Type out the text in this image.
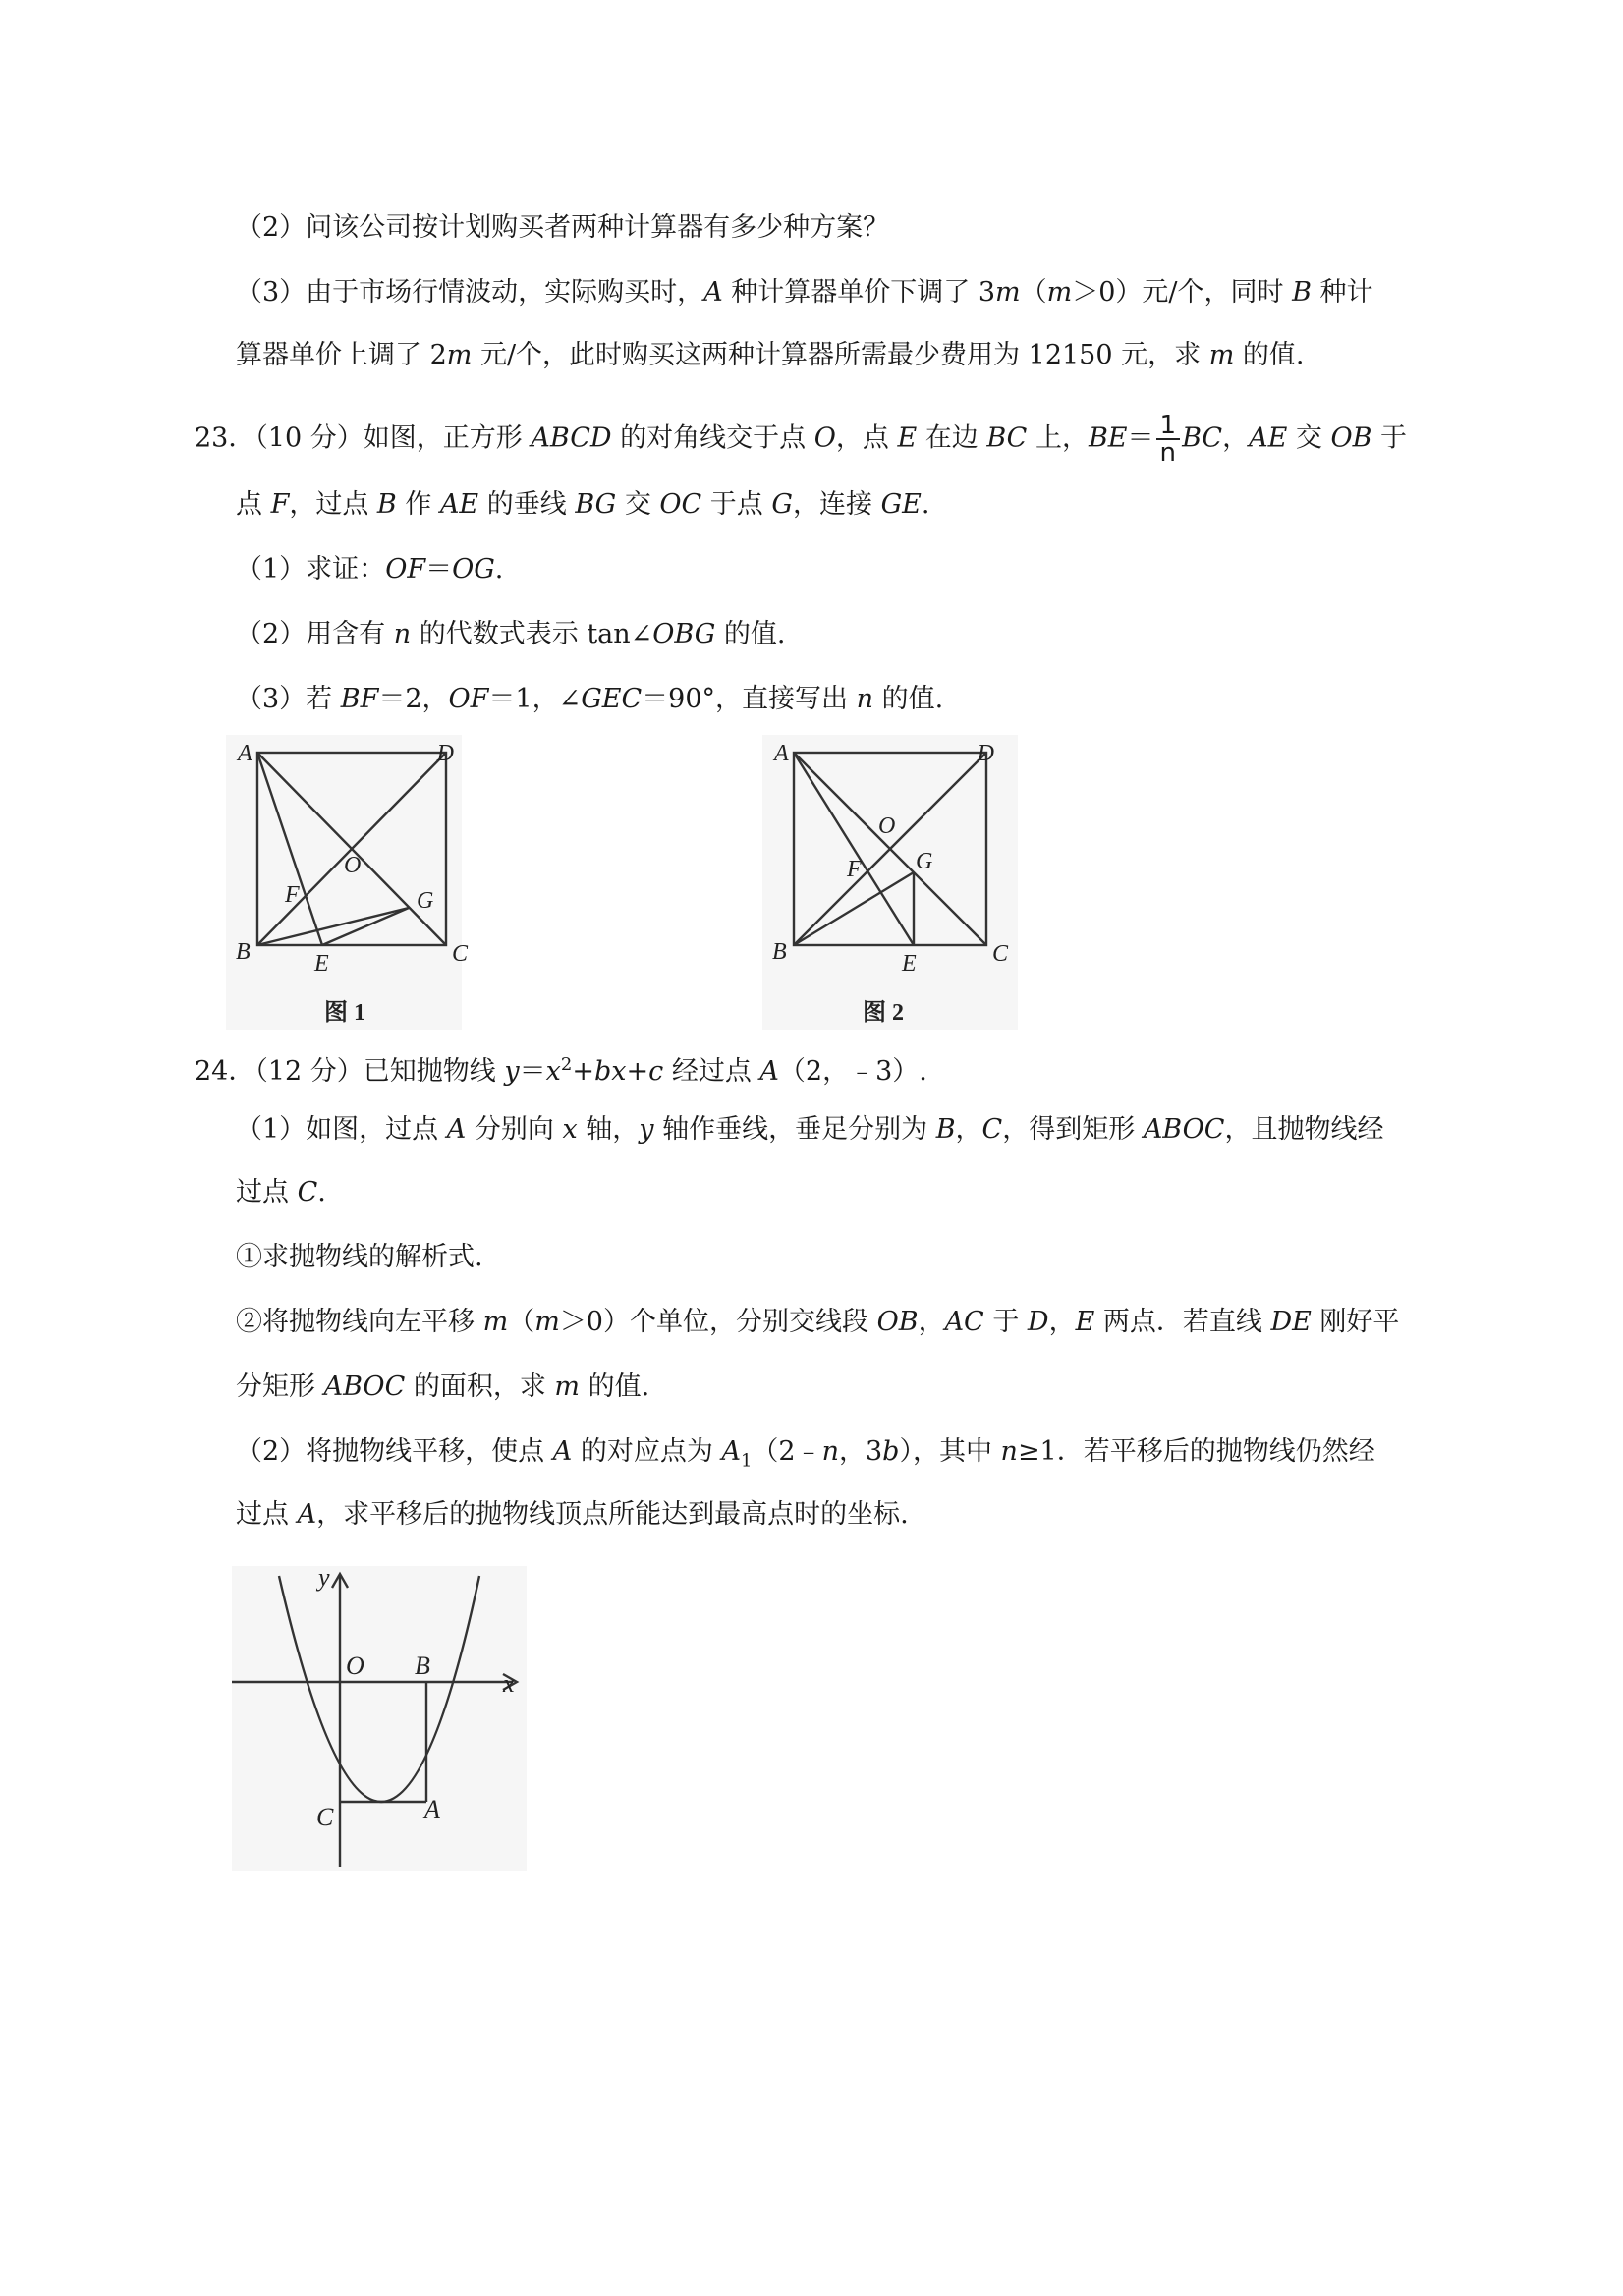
（2）问该公司按计划购买者两种计算器有多少种方案？
（3）由于市场行情波动，实际购买时，A 种计算器单价下调了 3m（m＞0）元/个，同时 B 种计
算器单价上调了 2m 元/个，此时购买这两种计算器所需最少费用为 12150 元，求 m 的值.
23．（10 分）如图，正方形 ABCD 的对角线交于点 O，点 E 在边 BC 上，$BE= \frac{1}{n}$ BC，AE 交 OB 于
点 F，过点 B 作 AE 的垂线 BG 交 OC 于点 G，连接 GE.
（1）求证：OF＝OG.
（2）用含有 n 的代数式表示 tan∠OBG 的值.
（3）若 BF＝2，OF＝1，∠GEC＝90°，直接写出 n 的值.
A	D
B	C
O
F	G
E
图 1
A	D
B	C
O
F G
E
图 2
24．（12 分）已知抛物线 $y=x^2+bx+c$ 经过点 A（2，﹣3）.
（1）如图，过点 A 分别向 x 轴，y 轴作垂线，垂足分别为 B，C，得到矩形 ABOC，且抛物线经
过点 C.
①求抛物线的解析式.
②将抛物线向左平移 m（m＞0）个单位，分别交线段 OB，AC 于 D，E 两点．若直线 DE 刚好平
分矩形 ABOC 的面积，求 m 的值.
（2）将抛物线平移，使点 A 的对应点为 $A_1(2﹣n$，3b），其中 n≥1．若平移后的抛物线仍然经
过点 A，求平移后的抛物线顶点所能达到最高点时的坐标.
y
x
O B
C	A
